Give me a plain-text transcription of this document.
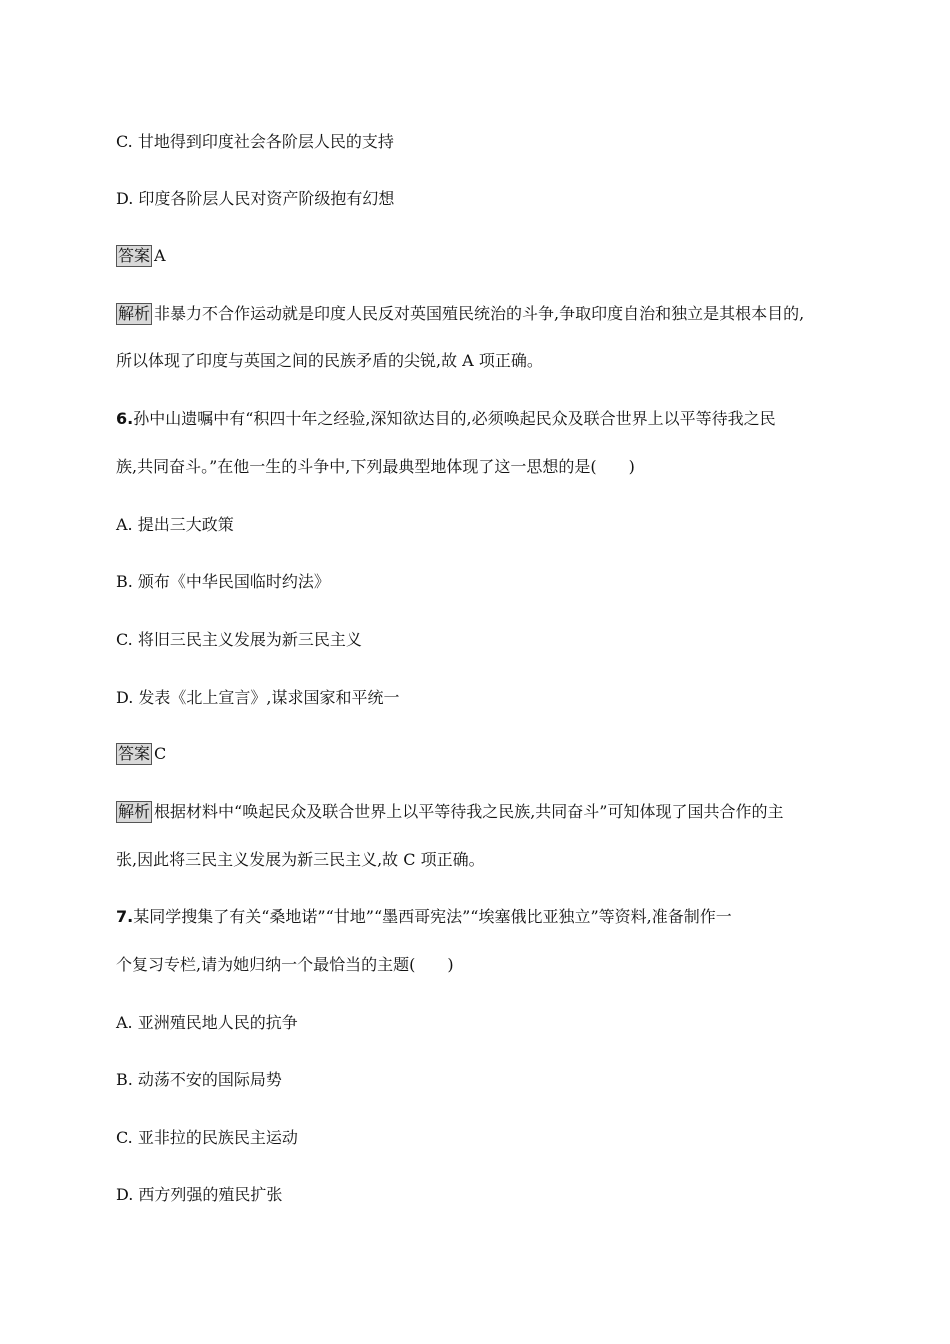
C. 甘地得到印度社会各阶层人民的支持
D. 印度各阶层人民对资产阶级抱有幻想
答案 A
解析 非暴力不合作运动就是印度人民反对英国殖民统治的斗争,争取印度自治和独立是其根本目的,
所以体现了印度与英国之间的民族矛盾的尖锐,故 A 项正确。
6.孙中山遗嘱中有“积四十年之经验,深知欲达目的,必须唤起民众及联合世界上以平等待我之民
族,共同奋斗。”在他一生的斗争中,下列最典型地体现了这一思想的是(　　)
A. 提出三大政策
B. 颁布《中华民国临时约法》
C. 将旧三民主义发展为新三民主义
D. 发表《北上宣言》,谋求国家和平统一
答案 C
解析 根据材料中“唤起民众及联合世界上以平等待我之民族,共同奋斗”可知体现了国共合作的主
张,因此将三民主义发展为新三民主义,故 C 项正确。
7.某同学搜集了有关“桑地诺”“甘地”“墨西哥宪法”“埃塞俄比亚独立”等资料,准备制作一
个复习专栏,请为她归纳一个最恰当的主题(　　)
A. 亚洲殖民地人民的抗争
B. 动荡不安的国际局势
C. 亚非拉的民族民主运动
D. 西方列强的殖民扩张
